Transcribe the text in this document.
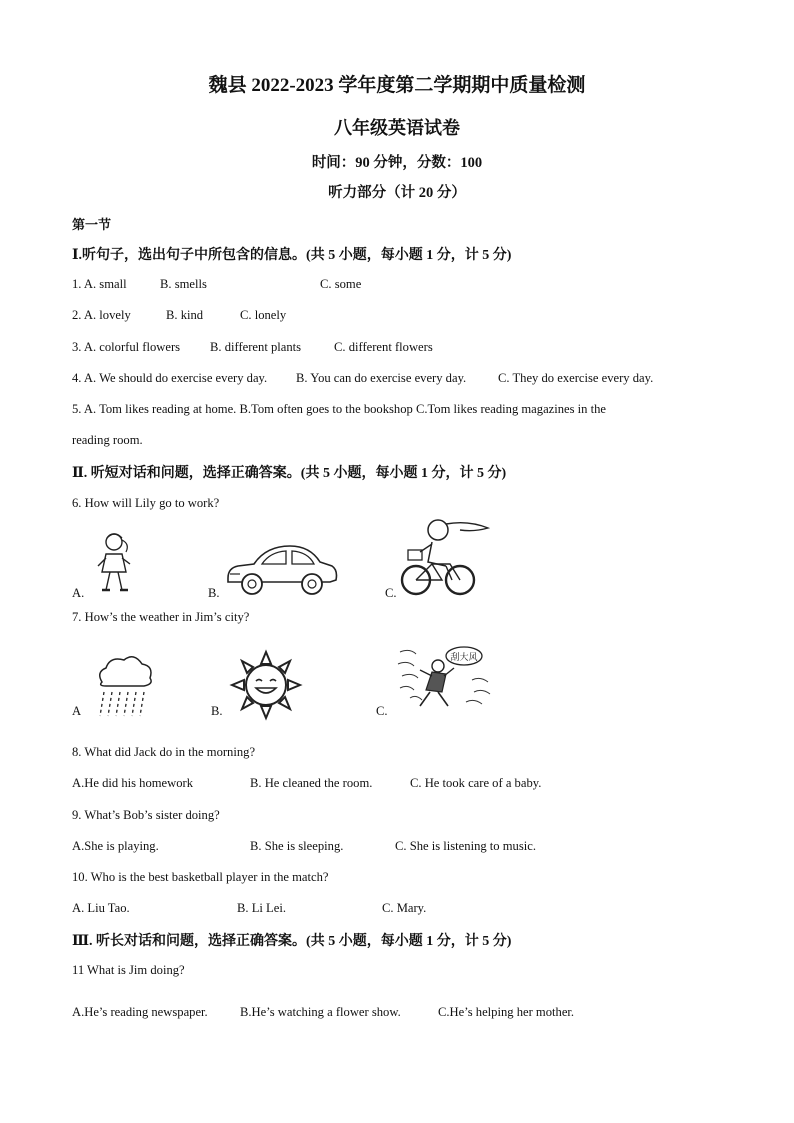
魏县 2022-2023 学年度第二学期期中质量检测
八年级英语试卷
时间：90 分钟，分数：100
听力部分（计 20 分）
第一节
Ⅰ.听句子，选出句子中所包含的信息。(共 5 小题，每小题 1 分，计 5 分)
1. A. small	B. smells	C. some
2. A. lovely	B. kind	C. lonely
3. A. colorful flowers B. different plants	C. different flowers
4. A. We should do exercise every day. B. You can do exercise every day.	C. They do exercise every day.
5. A. Tom likes reading at home. B.Tom often goes to the bookshop C.Tom likes reading magazines in the
reading room.
Ⅱ. 听短对话和问题，选择正确答案。(共 5 小题，每小题 1 分，计 5 分)
6. How will Lily go to work?
A.	B.	C.
7. How’s the weather in Jim’s city?
A	B.	C.
刮大风
8. What did Jack do in the morning?
A.He did his homework	B. He cleaned the room.	C. He took care of a baby.
9. What’s Bob’s sister doing?
A.She is playing.	B. She is sleeping.	C. She is listening to music.
10. Who is the best basketball player in the match?
A. Liu Tao.	B. Li Lei.	C. Mary.
Ⅲ. 听长对话和问题，选择正确答案。(共 5 小题，每小题 1 分，计 5 分)
11 What is Jim doing?
A.He’s reading newspaper.	B.He’s watching a flower show.	C.He’s helping her mother.
